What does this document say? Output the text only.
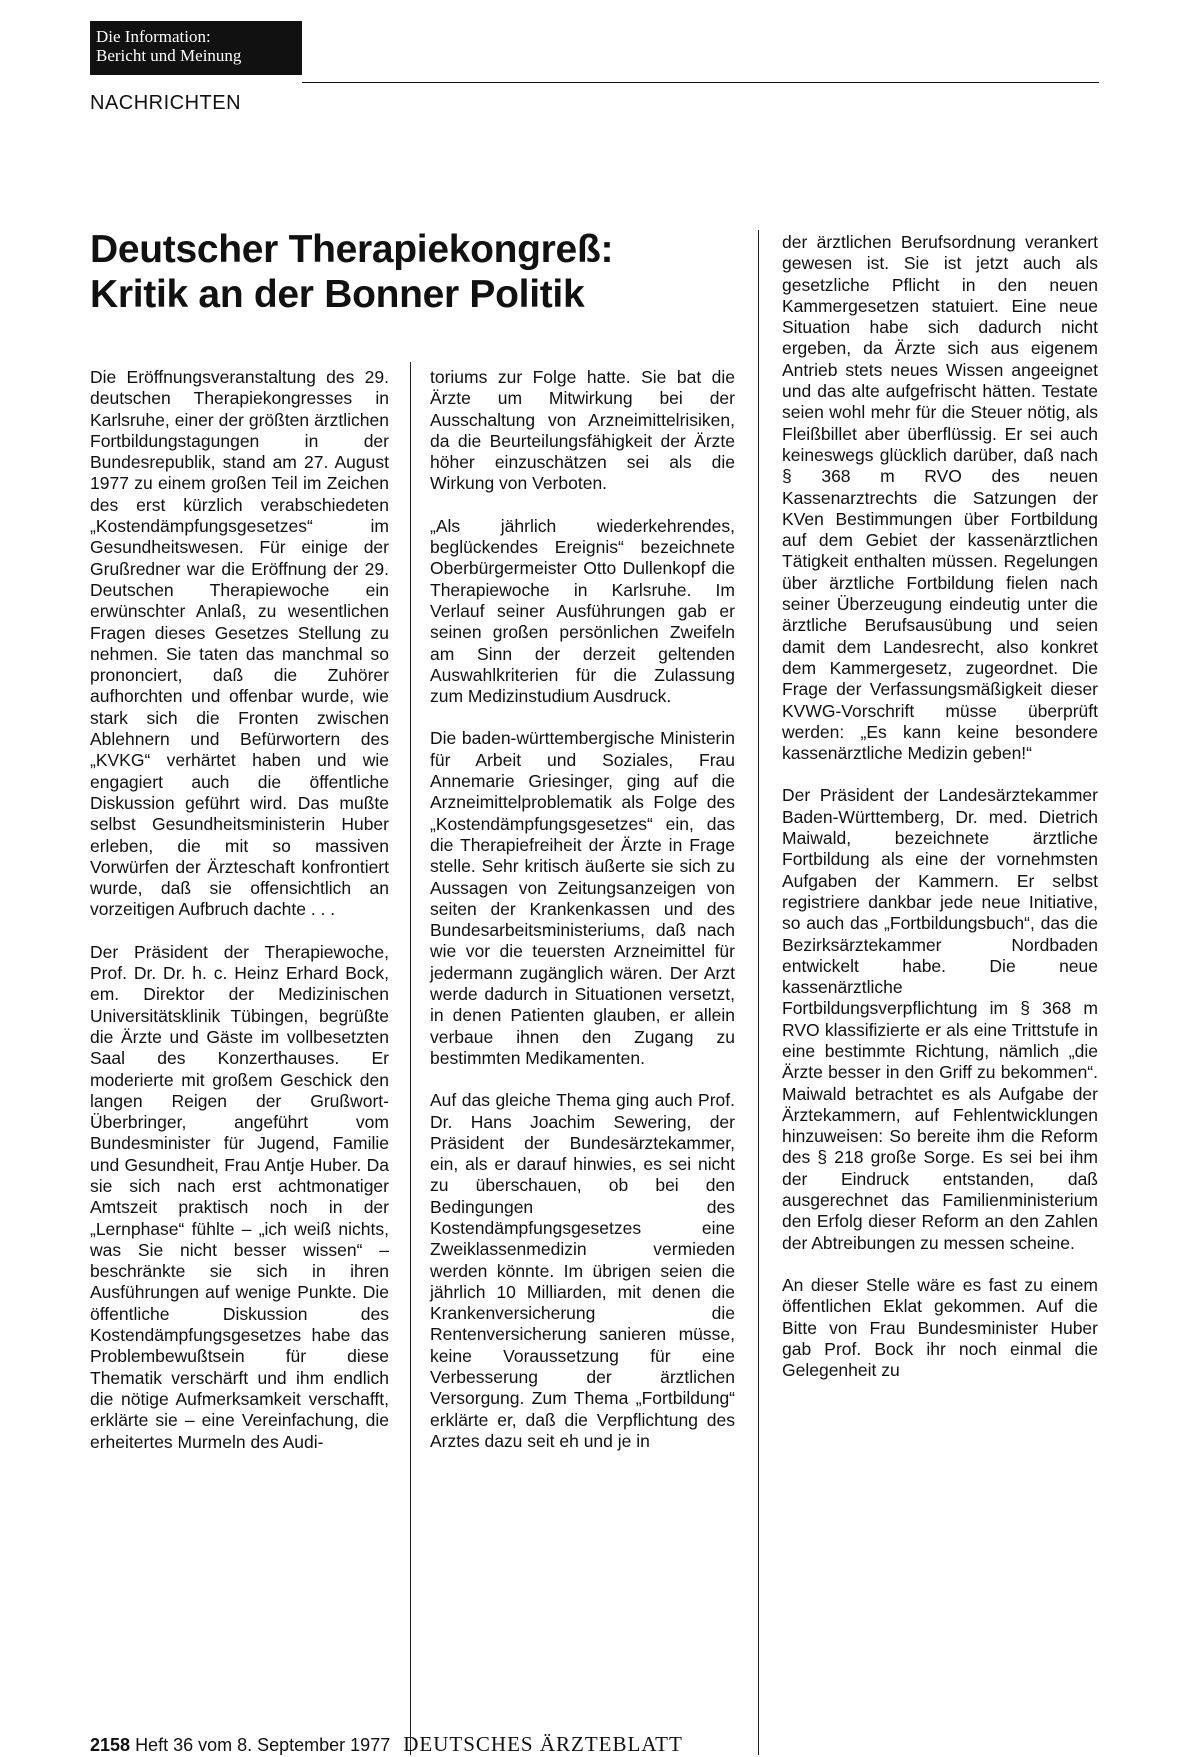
Die Information:
Bericht und Meinung
NACHRICHTEN
Deutscher Therapiekongreß:
Kritik an der Bonner Politik

Die Eröffnungsveranstaltung des 29. deutschen Therapiekongresses in Karlsruhe, einer der größten ärztlichen Fortbildungstagungen in der Bundesrepublik, stand am 27. August 1977 zu einem großen Teil im Zeichen des erst kürzlich verabschiedeten „Kostendämpfungsgesetzes“ im Gesundheitswesen. Für einige der Grußredner war die Eröffnung der 29. Deutschen Therapiewoche ein erwünschter Anlaß, zu wesentlichen Fragen dieses Gesetzes Stellung zu nehmen. Sie taten das manchmal so prononciert, daß die Zuhörer aufhorchten und offenbar wurde, wie stark sich die Fronten zwischen Ablehnern und Befürwortern des „KVKG“ verhärtet haben und wie engagiert auch die öffentliche Diskussion geführt wird. Das mußte selbst Gesundheitsministerin Huber erleben, die mit so massiven Vorwürfen der Ärzteschaft konfrontiert wurde, daß sie offensichtlich an vorzeitigen Aufbruch dachte . . .

Der Präsident der Therapiewoche, Prof. Dr. Dr. h. c. Heinz Erhard Bock, em. Direktor der Medizinischen Universitätsklinik Tübingen, begrüßte die Ärzte und Gäste im vollbesetzten Saal des Konzerthauses. Er moderierte mit großem Geschick den langen Reigen der Grußwort-Überbringer, angeführt vom Bundesminister für Jugend, Familie und Gesundheit, Frau Antje Huber. Da sie sich nach erst achtmonatiger Amtszeit praktisch noch in der „Lernphase“ fühlte – „ich weiß nichts, was Sie nicht besser wissen“ – beschränkte sie sich in ihren Ausführungen auf wenige Punkte. Die öffentliche Diskussion des Kostendämpfungsgesetzes habe das Problembewußtsein für diese Thematik verschärft und ihm endlich die nötige Aufmerksamkeit verschafft, erklärte sie – eine Vereinfachung, die erheitertes Murmeln des Audi-

toriums zur Folge hatte. Sie bat die Ärzte um Mitwirkung bei der Ausschaltung von Arzneimittelrisiken, da die Beurteilungsfähigkeit der Ärzte höher einzuschätzen sei als die Wirkung von Verboten.

„Als jährlich wiederkehrendes, beglückendes Ereignis“ bezeichnete Oberbürgermeister Otto Dullenkopf die Therapiewoche in Karlsruhe. Im Verlauf seiner Ausführungen gab er seinen großen persönlichen Zweifeln am Sinn der derzeit geltenden Auswahlkriterien für die Zulassung zum Medizinstudium Ausdruck.

Die baden-württembergische Ministerin für Arbeit und Soziales, Frau Annemarie Griesinger, ging auf die Arzneimittelproblematik als Folge des „Kostendämpfungsgesetzes“ ein, das die Therapiefreiheit der Ärzte in Frage stelle. Sehr kritisch äußerte sie sich zu Aussagen von Zeitungsanzeigen von seiten der Krankenkassen und des Bundesarbeitsministeriums, daß nach wie vor die teuersten Arzneimittel für jedermann zugänglich wären. Der Arzt werde dadurch in Situationen versetzt, in denen Patienten glauben, er allein verbaue ihnen den Zugang zu bestimmten Medikamenten.

Auf das gleiche Thema ging auch Prof. Dr. Hans Joachim Sewering, der Präsident der Bundesärztekammer, ein, als er darauf hinwies, es sei nicht zu überschauen, ob bei den Bedingungen des Kostendämpfungsgesetzes eine Zweiklassenmedizin vermieden werden könnte. Im übrigen seien die jährlich 10 Milliarden, mit denen die Krankenversicherung die Rentenversicherung sanieren müsse, keine Voraussetzung für eine Verbesserung der ärztlichen Versorgung. Zum Thema „Fortbildung“ erklärte er, daß die Verpflichtung des Arztes dazu seit eh und je in

der ärztlichen Berufsordnung verankert gewesen ist. Sie ist jetzt auch als gesetzliche Pflicht in den neuen Kammergesetzen statuiert. Eine neue Situation habe sich dadurch nicht ergeben, da Ärzte sich aus eigenem Antrieb stets neues Wissen angeeignet und das alte aufgefrischt hätten. Testate seien wohl mehr für die Steuer nötig, als Fleißbillet aber überflüssig. Er sei auch keineswegs glücklich darüber, daß nach § 368 m RVO des neuen Kassenarztrechts die Satzungen der KVen Bestimmungen über Fortbildung auf dem Gebiet der kassenärztlichen Tätigkeit enthalten müssen. Regelungen über ärztliche Fortbildung fielen nach seiner Überzeugung eindeutig unter die ärztliche Berufsausübung und seien damit dem Landesrecht, also konkret dem Kammergesetz, zugeordnet. Die Frage der Verfassungsmäßigkeit dieser KVWG-Vorschrift müsse überprüft werden: „Es kann keine besondere kassenärztliche Medizin geben!“

Der Präsident der Landesärztekammer Baden-Württemberg, Dr. med. Dietrich Maiwald, bezeichnete ärztliche Fortbildung als eine der vornehmsten Aufgaben der Kammern. Er selbst registriere dankbar jede neue Initiative, so auch das „Fortbildungsbuch“, das die Bezirksärztekammer Nordbaden entwickelt habe. Die neue kassenärztliche Fortbildungsverpflichtung im § 368 m RVO klassifizierte er als eine Trittstufe in eine bestimmte Richtung, nämlich „die Ärzte besser in den Griff zu bekommen“. Maiwald betrachtet es als Aufgabe der Ärztekammern, auf Fehlentwicklungen hinzuweisen: So bereite ihm die Reform des § 218 große Sorge. Es sei bei ihm der Eindruck entstanden, daß ausgerechnet das Familienministerium den Erfolg dieser Reform an den Zahlen der Abtreibungen zu messen scheine.

An dieser Stelle wäre es fast zu einem öffentlichen Eklat gekommen. Auf die Bitte von Frau Bundesminister Huber gab Prof. Bock ihr noch einmal die Gelegenheit zu

2158 Heft 36 vom 8. September 1977 DEUTSCHES ÄRZTEBLATT
